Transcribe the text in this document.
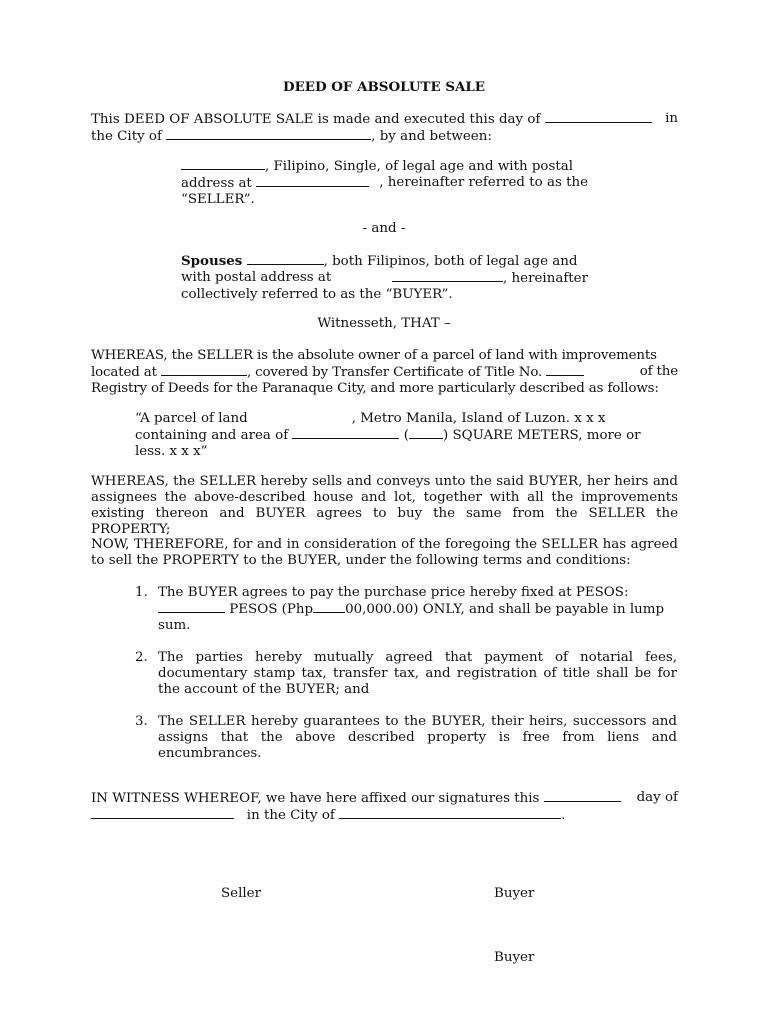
DEED OF ABSOLUTE SALE

This DEED OF ABSOLUTE SALE is made and executed this day of	in
the City of	, by and between:
, Filipino, Single, of legal age and with postal
address at	, hereinafter referred to as the
“SELLER”.

- and -

Spouses	, both Filipinos, both of legal age and
with postal address at	, hereinafter
collectively referred to as the “BUYER”.

Witnesseth, THAT –

WHEREAS, the SELLER is the absolute owner of a parcel of land with improvements
located at	, covered by Transfer Certificate of Title No.	of the
Registry of Deeds for the Paranaque City, and more particularly described as follows:
“A parcel of land	, Metro Manila, Island of Luzon. x x x
containing and area of	(	) SQUARE METERS, more or
less. x x x”

WHEREAS, the SELLER hereby sells and conveys unto the said BUYER, her heirs and assignees the above-described house and lot, together with all the improvements existing thereon and BUYER agrees to buy the same from the SELLER the PROPERTY;

NOW, THEREFORE, for and in consideration of the foregoing the SELLER has agreed to sell the PROPERTY to the BUYER, under the following terms and conditions:

1. The BUYER agrees to pay the purchase price hereby fixed at PESOS:
PESOS (Php 00,000.00) ONLY, and shall be payable in lump
sum.
2. The parties hereby mutually agreed that payment of notarial fees, documentary stamp tax, transfer tax, and registration of title shall be for the account of the BUYER; and
3. The SELLER hereby guarantees to the BUYER, their heirs, successors and assigns that the above described property is free from liens and encumbrances.
IN WITNESS WHEREOF, we have here affixed our signatures this	day of
in the City of	.

Seller	Buyer

Buyer
